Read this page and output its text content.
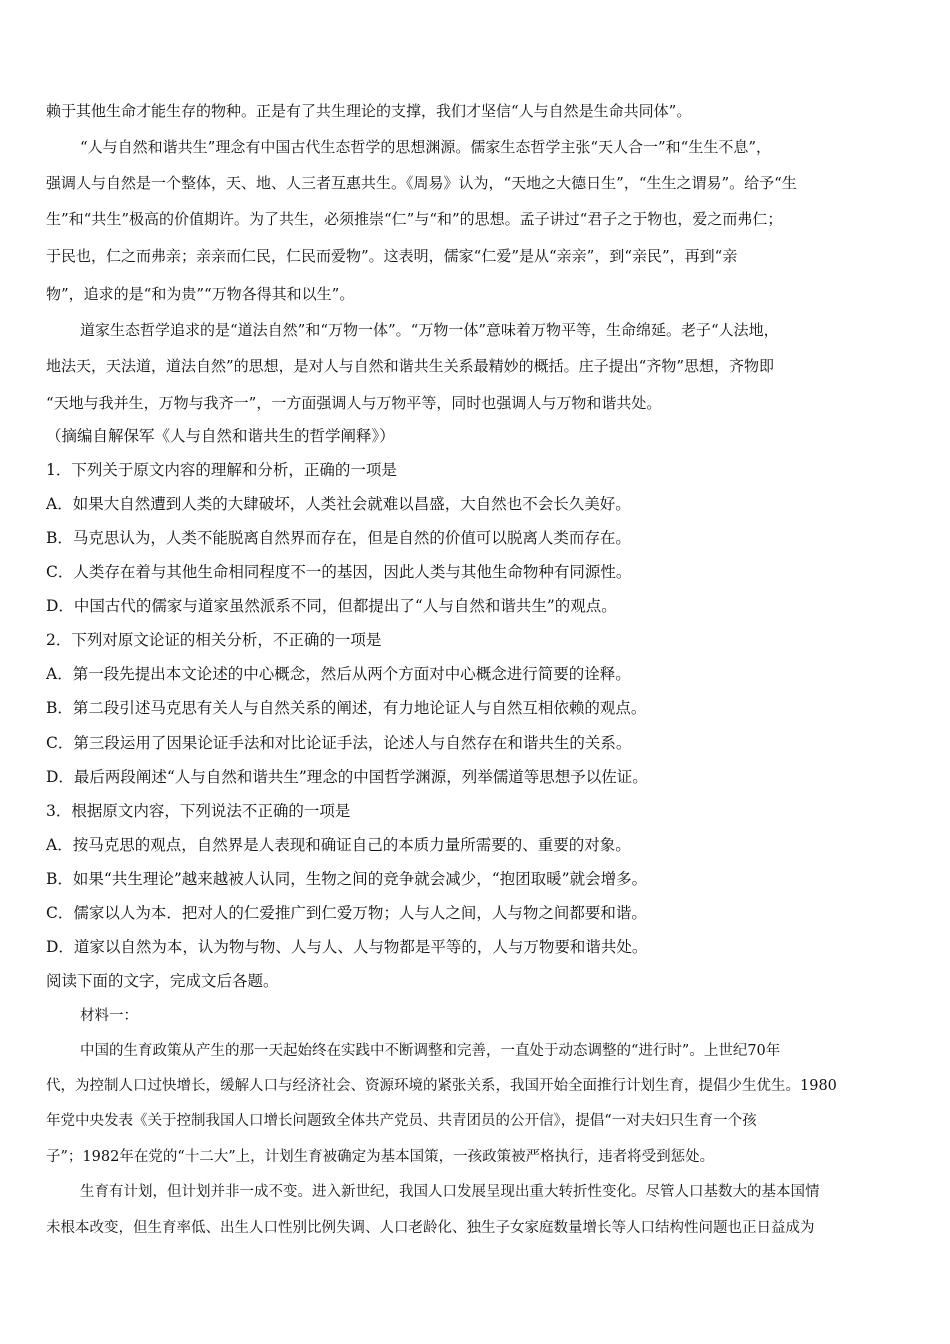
赖于其他生命才能生存的物种。正是有了共生理论的支撑，我们才坚信“人与自然是生命共同体”。
“人与自然和谐共生”理念有中国古代生态哲学的思想渊源。儒家生态哲学主张“天人合一”和“生生不息”，
强调人与自然是一个整体，天、地、人三者互惠共生。《周易》认为，“天地之大德日生”，“生生之谓易”。给予“生
生”和“共生”极高的价值期许。为了共生，必须推崇“仁”与“和”的思想。孟子讲过“君子之于物也，爱之而弗仁；
于民也，仁之而弗亲；亲亲而仁民，仁民而爱物”。这表明，儒家“仁爱”是从“亲亲”，到“亲民”，再到“亲
物”，追求的是“和为贵”“万物各得其和以生”。
道家生态哲学追求的是“道法自然”和“万物一体”。“万物一体”意味着万物平等，生命绵延。老子“人法地，
地法天，天法道，道法自然”的思想，是对人与自然和谐共生关系最精妙的概括。庄子提出“齐物”思想，齐物即
“天地与我并生，万物与我齐一”，一方面强调人与万物平等，同时也强调人与万物和谐共处。
（摘编自解保军《人与自然和谐共生的哲学阐释》）
1．下列关于原文内容的理解和分析，正确的一项是
A．如果大自然遭到人类的大肆破坏，人类社会就难以昌盛，大自然也不会长久美好。
B．马克思认为，人类不能脱离自然界而存在，但是自然的价值可以脱离人类而存在。
C．人类存在着与其他生命相同程度不一的基因，因此人类与其他生命物种有同源性。
D．中国古代的儒家与道家虽然派系不同，但都提出了“人与自然和谐共生”的观点。
2．下列对原文论证的相关分析，不正确的一项是
A．第一段先提出本文论述的中心概念，然后从两个方面对中心概念进行简要的诠释。
B．第二段引述马克思有关人与自然关系的阐述，有力地论证人与自然互相依赖的观点。
C．第三段运用了因果论证手法和对比论证手法，论述人与自然存在和谐共生的关系。
D．最后两段阐述“人与自然和谐共生”理念的中国哲学渊源，列举儒道等思想予以佐证。
3．根据原文内容，下列说法不正确的一项是
A．按马克思的观点，自然界是人表现和确证自己的本质力量所需要的、重要的对象。
B．如果“共生理论”越来越被人认同，生物之间的竞争就会减少，“抱团取暖”就会增多。
C．儒家以人为本．把对人的仁爱推广到仁爱万物；人与人之间，人与物之间都要和谐。
D．道家以自然为本，认为物与物、人与人、人与物都是平等的，人与万物要和谐共处。
阅读下面的文字，完成文后各题。
材料一：
中国的生育政策从产生的那一天起始终在实践中不断调整和完善，一直处于动态调整的“进行时”。上世纪70年
代，为控制人口过快增长，缓解人口与经济社会、资源环境的紧张关系，我国开始全面推行计划生育，提倡少生优生。1980
年党中央发表《关于控制我国人口增长问题致全体共产党员、共青团员的公开信》，提倡“一对夫妇只生育一个孩
子”；1982年在党的“十二大”上，计划生育被确定为基本国策，一孩政策被严格执行，违者将受到惩处。
生育有计划，但计划并非一成不变。进入新世纪，我国人口发展呈现出重大转折性变化。尽管人口基数大的基本国情
未根本改变，但生育率低、出生人口性别比例失调、人口老龄化、独生子女家庭数量增长等人口结构性问题也正日益成为
